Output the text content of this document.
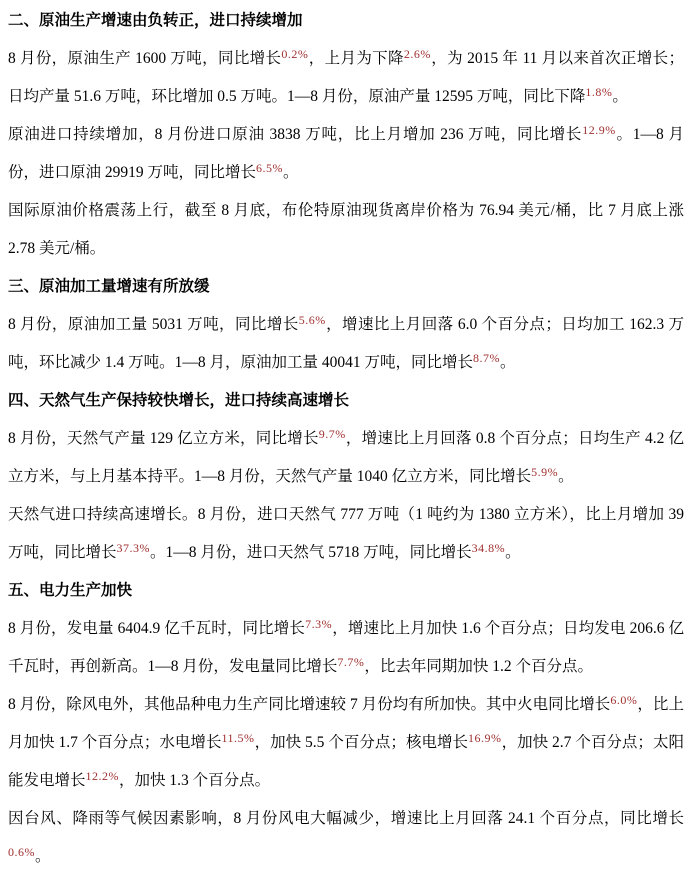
二、原油生产增速由负转正，进口持续增加

8 月份，原油生产 1600 万吨，同比增长$^{0.2\%}$，上月为下降$^{2.6\%}$，为 2015 年 11 月以来首次正增长；日均产量 51.6 万吨，环比增加 0.5 万吨。1—8 月份，原油产量 12595 万吨，同比下降$^{1.8\%}$。

原油进口持续增加，8 月份进口原油 3838 万吨，比上月增加 236 万吨，同比增长$^{12.9\%}$。1—8 月份，进口原油 29919 万吨，同比增长$^{6.5\%}$。

国际原油价格震荡上行，截至 8 月底，布伦特原油现货离岸价格为 76.94 美元/桶，比 7 月底上涨 2.78 美元/桶。

三、原油加工量增速有所放缓

8 月份，原油加工量 5031 万吨，同比增长$^{5.6\%}$，增速比上月回落 6.0 个百分点；日均加工 162.3 万吨，环比减少 1.4 万吨。1—8 月，原油加工量 40041 万吨，同比增长$^{8.7\%}$。

四、天然气生产保持较快增长，进口持续高速增长

8 月份，天然气产量 129 亿立方米，同比增长$^{9.7\%}$，增速比上月回落 0.8 个百分点；日均生产 4.2 亿立方米，与上月基本持平。1—8 月份，天然气产量 1040 亿立方米，同比增长$^{5.9\%}$。

天然气进口持续高速增长。8 月份，进口天然气 777 万吨（1 吨约为 1380 立方米），比上月增加 39 万吨，同比增长$^{37.3\%}$。1—8 月份，进口天然气 5718 万吨，同比增长$^{34.8\%}$。

五、电力生产加快

8 月份，发电量 6404.9 亿千瓦时，同比增长$^{7.3\%}$，增速比上月加快 1.6 个百分点；日均发电 206.6 亿千瓦时，再创新高。1—8 月份，发电量同比增长$^{7.7\%}$，比去年同期加快 1.2 个百分点。

8 月份，除风电外，其他品种电力生产同比增速较 7 月份均有所加快。其中火电同比增长$^{6.0\%}$，比上月加快 1.7 个百分点；水电增长$^{11.5\%}$，加快 5.5 个百分点；核电增长$^{16.9\%}$，加快 2.7 个百分点；太阳能发电增长$^{12.2\%}$，加快 1.3 个百分点。

因台风、降雨等气候因素影响，8 月份风电大幅减少，增速比上月回落 24.1 个百分点，同比增长$^{0.6\%}$。
